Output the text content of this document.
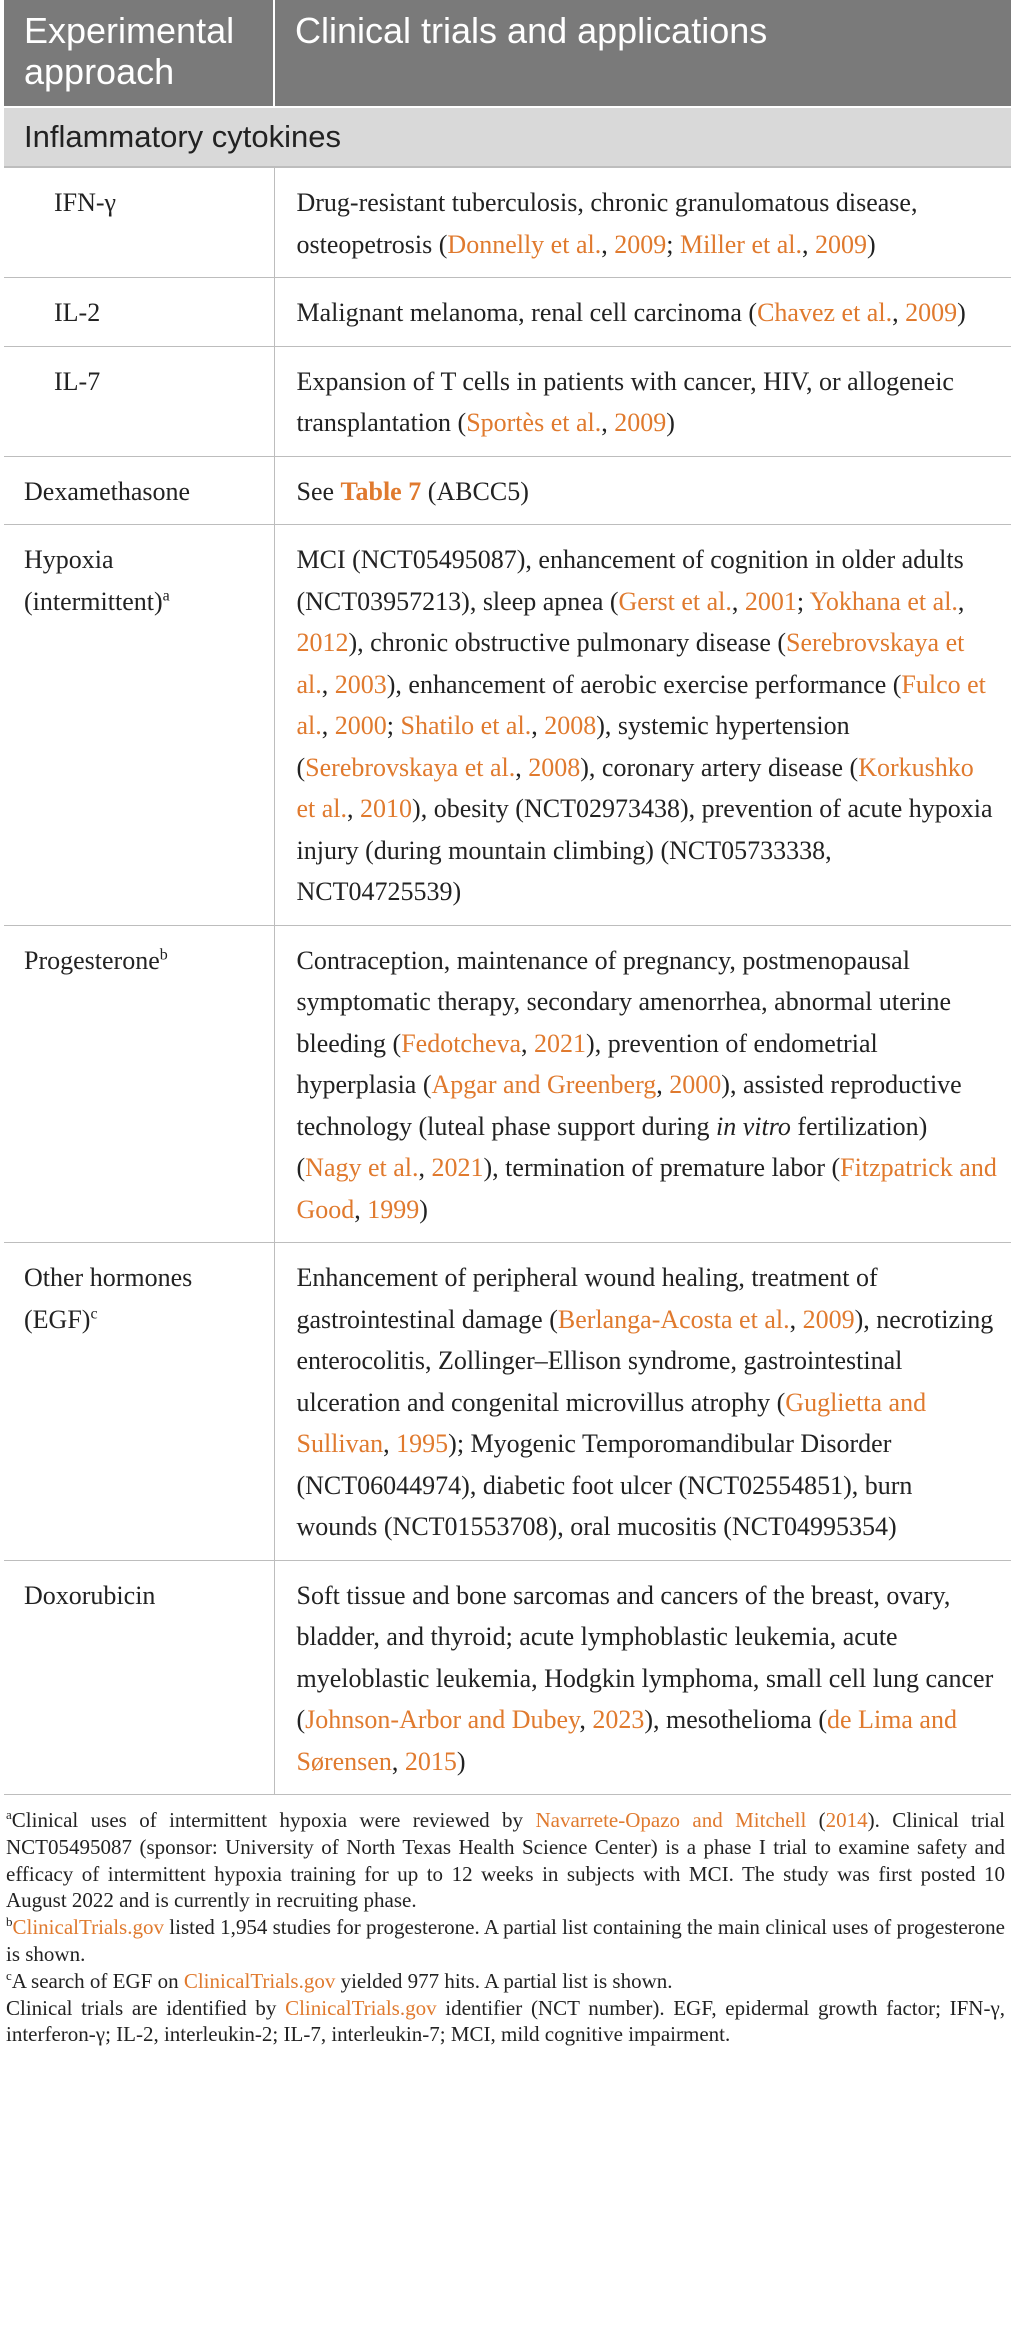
Experimental approach	Clinical trials and applications
Inflammatory cytokines	
IFN-γ	Drug-resistant tuberculosis, chronic granulomatous disease, osteopetrosis (Donnelly et al., 2009; Miller et al., 2009)
IL-2	Malignant melanoma, renal cell carcinoma (Chavez et al., 2009)
IL-7	Expansion of T cells in patients with cancer, HIV, or allogeneic transplantation (Sportès et al., 2009)
Dexamethasone	See Table 7 (ABCC5)
Hypoxia (intermittent)$^a$	MCI (NCT05495087), enhancement of cognition in older adults (NCT03957213), sleep apnea (Gerst et al., 2001; Yokhana et al., 2012), chronic obstructive pulmonary disease (Serebrovskaya et al., 2003), enhancement of aerobic exercise performance (Fulco et al., 2000; Shatilo et al., 2008), systemic hypertension (Serebrovskaya et al., 2008), coronary artery disease (Korkushko et al., 2010), obesity (NCT02973438), prevention of acute hypoxia injury (during mountain climbing) (NCT05733338, NCT04725539)
Progesterone$^b$	Contraception, maintenance of pregnancy, postmenopausal symptomatic therapy, secondary amenorrhea, abnormal uterine bleeding (Fedotcheva, 2021), prevention of endometrial hyperplasia (Apgar and Greenberg, 2000), assisted reproductive technology (luteal phase support during in vitro fertilization) (Nagy et al., 2021), termination of premature labor (Fitzpatrick and Good, 1999)
Other hormones (EGF)$^c$	Enhancement of peripheral wound healing, treatment of gastrointestinal damage (Berlanga-Acosta et al., 2009), necrotizing enterocolitis, Zollinger–Ellison syndrome, gastrointestinal ulceration and congenital microvillus atrophy (Guglietta and Sullivan, 1995); Myogenic Temporomandibular Disorder (NCT06044974), diabetic foot ulcer (NCT02554851), burn wounds (NCT01553708), oral mucositis (NCT04995354)
Doxorubicin	Soft tissue and bone sarcomas and cancers of the breast, ovary, bladder, and thyroid; acute lymphoblastic leukemia, acute myeloblastic leukemia, Hodgkin lymphoma, small cell lung cancer (Johnson-Arbor and Dubey, 2023), mesothelioma (de Lima and Sørensen, 2015)

$^a$Clinical uses of intermittent hypoxia were reviewed by Navarrete-Opazo and Mitchell (2014). Clinical trial NCT05495087 (sponsor: University of North Texas Health Science Center) is a phase I trial to examine safety and efficacy of intermittent hypoxia training for up to 12 weeks in subjects with MCI. The study was first posted 10 August 2022 and is currently in recruiting phase.

$^b$ClinicalTrials.gov listed 1,954 studies for progesterone. A partial list containing the main clinical uses of progesterone is shown.

$^c$A search of EGF on ClinicalTrials.gov yielded 977 hits. A partial list is shown.

Clinical trials are identified by ClinicalTrials.gov identifier (NCT number). EGF, epidermal growth factor; IFN-γ, interferon-γ; IL-2, interleukin-2; IL-7, interleukin-7; MCI, mild cognitive impairment.
